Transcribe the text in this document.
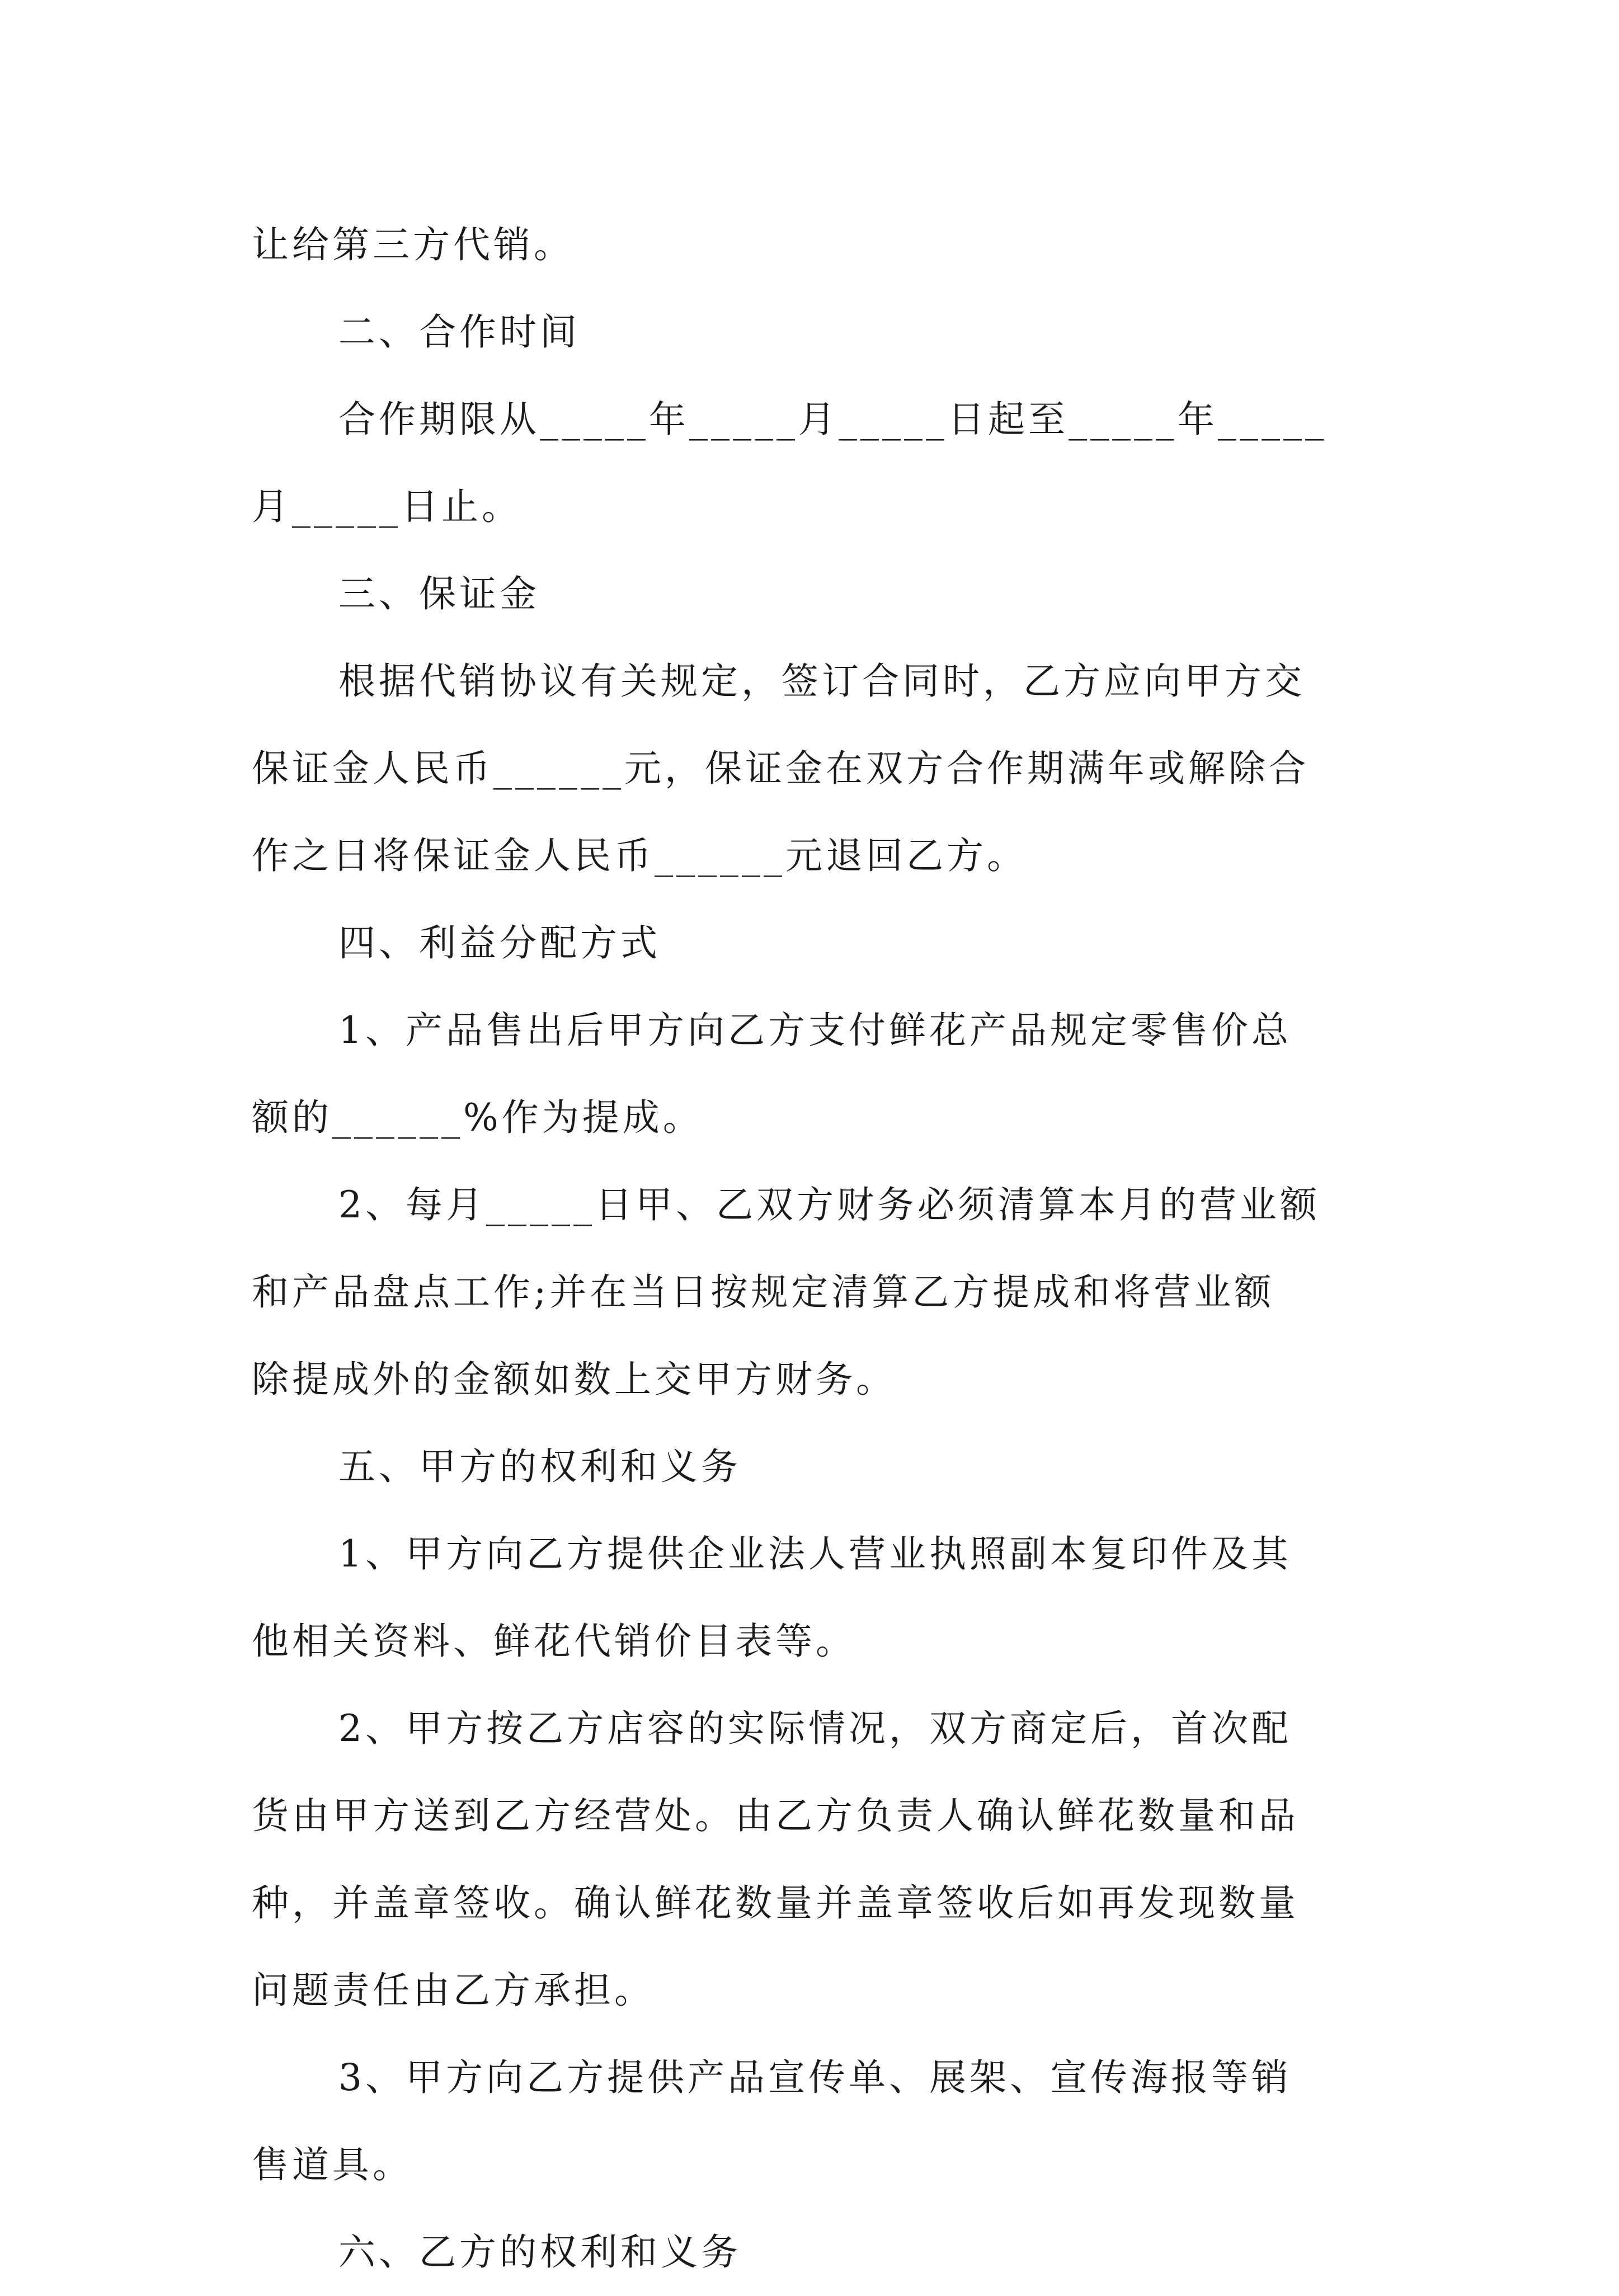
让给第三方代销。
二、合作时间
合作期限从_____年_____月_____日起至_____年_____
月_____日止。
三、保证金
根据代销协议有关规定，签订合同时，乙方应向甲方交
保证金人民币______元，保证金在双方合作期满年或解除合
作之日将保证金人民币______元退回乙方。
四、利益分配方式
1、产品售出后甲方向乙方支付鲜花产品规定零售价总
额的______%作为提成。
2、每月_____日甲、乙双方财务必须清算本月的营业额
和产品盘点工作;并在当日按规定清算乙方提成和将营业额
除提成外的金额如数上交甲方财务。
五、甲方的权利和义务
1、甲方向乙方提供企业法人营业执照副本复印件及其
他相关资料、鲜花代销价目表等。
2、甲方按乙方店容的实际情况，双方商定后，首次配
货由甲方送到乙方经营处。由乙方负责人确认鲜花数量和品
种，并盖章签收。确认鲜花数量并盖章签收后如再发现数量
问题责任由乙方承担。
3、甲方向乙方提供产品宣传单、展架、宣传海报等销
售道具。
六、乙方的权利和义务
